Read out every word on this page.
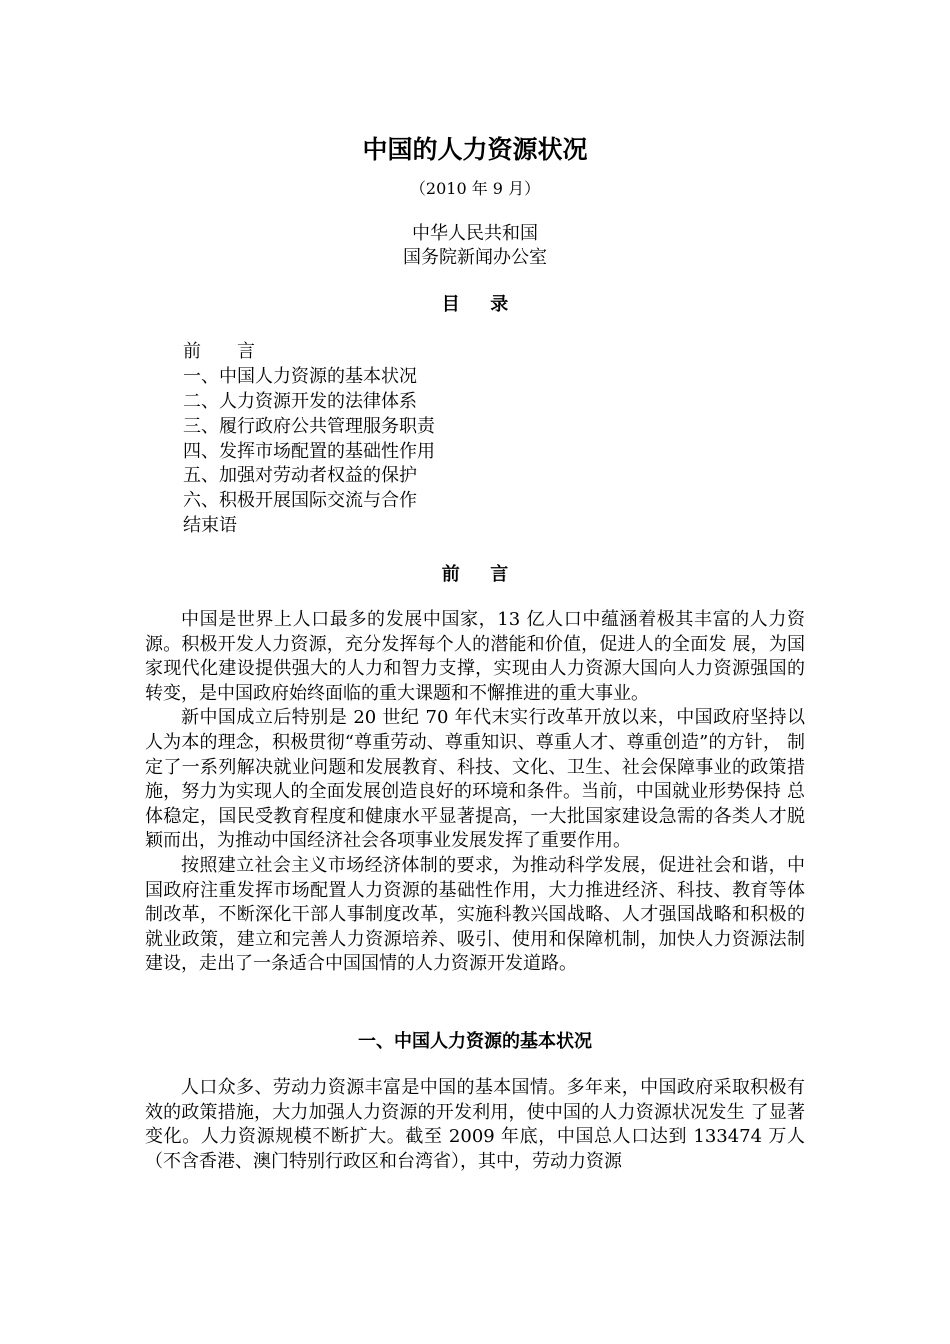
中国的人力资源状况
（2010 年 9 月）
中华人民共和国
国务院新闻办公室
目录
前　　言
一、中国人力资源的基本状况
二、人力资源开发的法律体系
三、履行政府公共管理服务职责
四、发挥市场配置的基础性作用
五、加强对劳动者权益的保护
六、积极开展国际交流与合作
结束语
前言

中国是世界上人口最多的发展中国家，13 亿人口中蕴涵着极其丰富的人力资源。积极开发人力资源，充分发挥每个人的潜能和价值，促进人的全面发 展，为国家现代化建设提供强大的人力和智力支撑，实现由人力资源大国向人力资源强国的转变，是中国政府始终面临的重大课题和不懈推进的重大事业。

新中国成立后特别是 20 世纪 70 年代末实行改革开放以来，中国政府坚持以人为本的理念，积极贯彻“尊重劳动、尊重知识、尊重人才、尊重创造”的方针， 制定了一系列解决就业问题和发展教育、科技、文化、卫生、社会保障事业的政策措施，努力为实现人的全面发展创造良好的环境和条件。当前，中国就业形势保持 总体稳定，国民受教育程度和健康水平显著提高，一大批国家建设急需的各类人才脱颖而出，为推动中国经济社会各项事业发展发挥了重要作用。

按照建立社会主义市场经济体制的要求，为推动科学发展，促进社会和谐，中国政府注重发挥市场配置人力资源的基础性作用，大力推进经济、科技、教育等体 制改革，不断深化干部人事制度改革，实施科教兴国战略、人才强国战略和积极的就业政策，建立和完善人力资源培养、吸引、使用和保障机制，加快人力资源法制 建设，走出了一条适合中国国情的人力资源开发道路。

一、中国人力资源的基本状况

人口众多、劳动力资源丰富是中国的基本国情。多年来，中国政府采取积极有效的政策措施，大力加强人力资源的开发利用，使中国的人力资源状况发生 了显著变化。人力资源规模不断扩大。截至 2009 年底，中国总人口达到 133474 万人（不含香港、澳门特别行政区和台湾省），其中，劳动力资源
